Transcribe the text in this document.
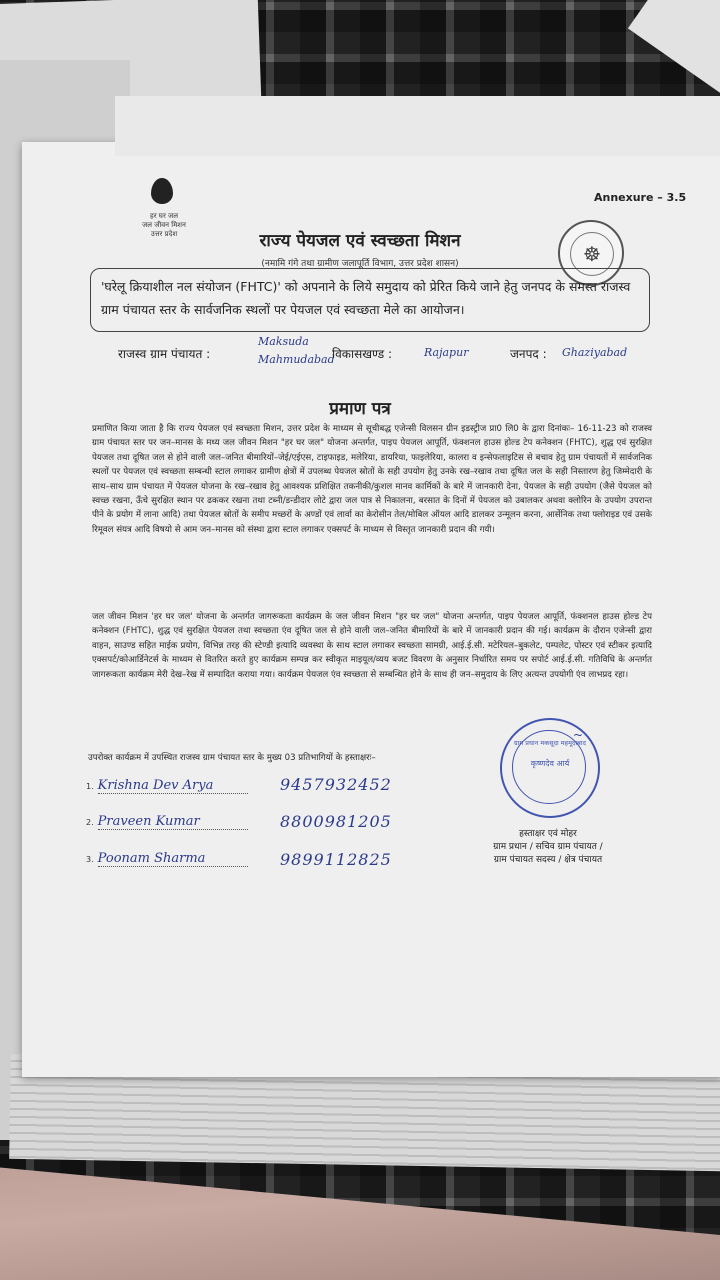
Annexure – 3.5
हर घर जल
जल जीवन मिशन
उत्तर प्रदेश	राज्य पेयजल एवं स्वच्छता मिशन
(नमामि गंगे तथा ग्रामीण जलापूर्ति विभाग, उत्तर प्रदेश शासन)	☸
'घरेलू क्रियाशील नल संयोजन (FHTC)' को अपनाने के लिये समुदाय को प्रेरित किये जाने हेतु जनपद के समस्त राजस्व ग्राम पंचायत स्तर के सार्वजनिक स्थलों पर पेयजल एवं स्वच्छता मेले का आयोजन।
राजस्व ग्राम पंचायत :
Maksuda
Mahmudabad
विकासखण्ड :	Rajapur	जनपद : Ghaziyabad
प्रमाण पत्र
प्रमाणित किया जाता है कि राज्य पेयजल एवं स्वच्छता मिशन, उत्तर प्रदेश के माध्यम से सूचीबद्ध एजेन्सी विलसन ग्रीन इडस्ट्रीज प्रा0 लि0 के द्वारा दिनांकः– 16-11-23 को राजस्व ग्राम पंचायत स्तर पर जन–मानस के मध्य जल जीवन मिशन "हर घर जल" योजना अन्तर्गत, पाइप पेयजल आपूर्ति, फंक्शनल हाउस होल्ड टेप कनेक्शन (FHTC), शुद्ध एवं सुरक्षित पेयजल तथा दूषित जल से होने वाली जल–जनित बीमारियों–जेई/एईएस, टाइफाइड, मलेरिया, डायरिया, फाइलेरिया, कालरा व इन्सेफलाइटिस से बचाव हेतु ग्राम पंचायतों में सार्वजनिक स्थलों पर पेयजल एवं स्वच्छता सम्बन्धी स्टाल लगाकर ग्रामीण क्षेत्रों में उपलब्ध पेयजल स्रोतों के सही उपयोग हेतु उनके रख–रखाव तथा दूषित जल के सही निस्तारण हेतु जिम्मेदारी के साथ–साथ ग्राम पंचायत में पेयजल योजना के रख–रखाव हेतु आवश्यक प्रशिक्षित तकनीकी/कुशल मानव कार्मिकों के बारे में जानकारी देना, पेयजल के सही उपयोग (जैसे पेयजल को स्वच्छ रखना, ऊँचे सुरक्षित स्थान पर ढककर रखना तथा टब्नी/डन्डीदार लोटे द्वारा जल पात्र से निकालना, बरसात के दिनों में पेयजल को उबालकर अथवा क्लोरिन के उपयोग उपरान्त पीने के प्रयोग में लाना आदि) तथा पेयजल स्रोतों के समीप मच्छरों के अण्डों एवं लार्वा का केरोसीन तेल/मोबिल ऑयल आदि डालकर उन्मूलन करना, आर्सेनिक तथा फ्लोराइड एवं उसके रिमूवल संयत्र आदि विषयो से आम जन–मानस को संस्था द्वारा स्टाल लगाकर एक्सपर्ट के माध्यम से विस्तृत जानकारी प्रदान की गयी।
जल जीवन मिशन 'हर घर जल' योजना के अन्तर्गत जागरूकता कार्यक्रम के जल जीवन मिशन "हर घर जल" योजना अन्तर्गत, पाइप पेयजल आपूर्ति, फंक्शनल हाउस होल्ड टेप कनेक्शन (FHTC), शुद्ध एवं सुरक्षित पेयजल तथा स्वच्छता एंव दूषित जल से होने वाली जल–जनित बीमारियों के बारे में जानकारी प्रदान की गई। कार्यक्रम के दौरान एजेन्सी द्वारा वाहन, साउण्ड सहित माईक प्रयोग, विभिन्न तरह की स्टेण्डी इत्यादि व्यवस्था के साथ स्टाल लगाकर स्वच्छता सामग्री, आई.ई.सी. मटेरियल–बुकलेट, पम्पलेट, पोस्टर एवं स्टीकर इत्यादि एक्सपर्ट/कोआर्डिनेटर्स के माध्यम से वितरित करते हुए कार्यक्रम सम्पन्न कर स्वीकृत माइयूल/व्यय बजट विवरण के अनुसार निर्धारित समय पर सपोर्ट आई.ई.सी. गतिविधि के अन्तर्गत जागरूकता कार्यक्रम मेरी देख–रेख में सम्पादित कराया गया। कार्यक्रम पेयजल एंव स्वच्छता से सम्बन्धित होने के साथ ही जन–समुदाय के लिए अत्यन्त उपयोगी एंव लाभप्रद रहा।
उपरोक्त कार्यक्रम में उपस्थित राजस्व ग्राम पंचायत स्तर के मुख्य 03 प्रतिभागियों के हस्ताक्षरः–
1. Krishna Dev Arya	9457932452
2. Praveen Kumar	8800981205
3. Poonam Sharma	9899112825
ग्राम प्रधान मकसूदा महमूदाबाद
कृष्णदेव आर्य
~
हस्ताक्षर एवं मोहर
ग्राम प्रधान / सचिव ग्राम पंचायत /
ग्राम पंचायत सदस्य / क्षेत्र पंचायत
